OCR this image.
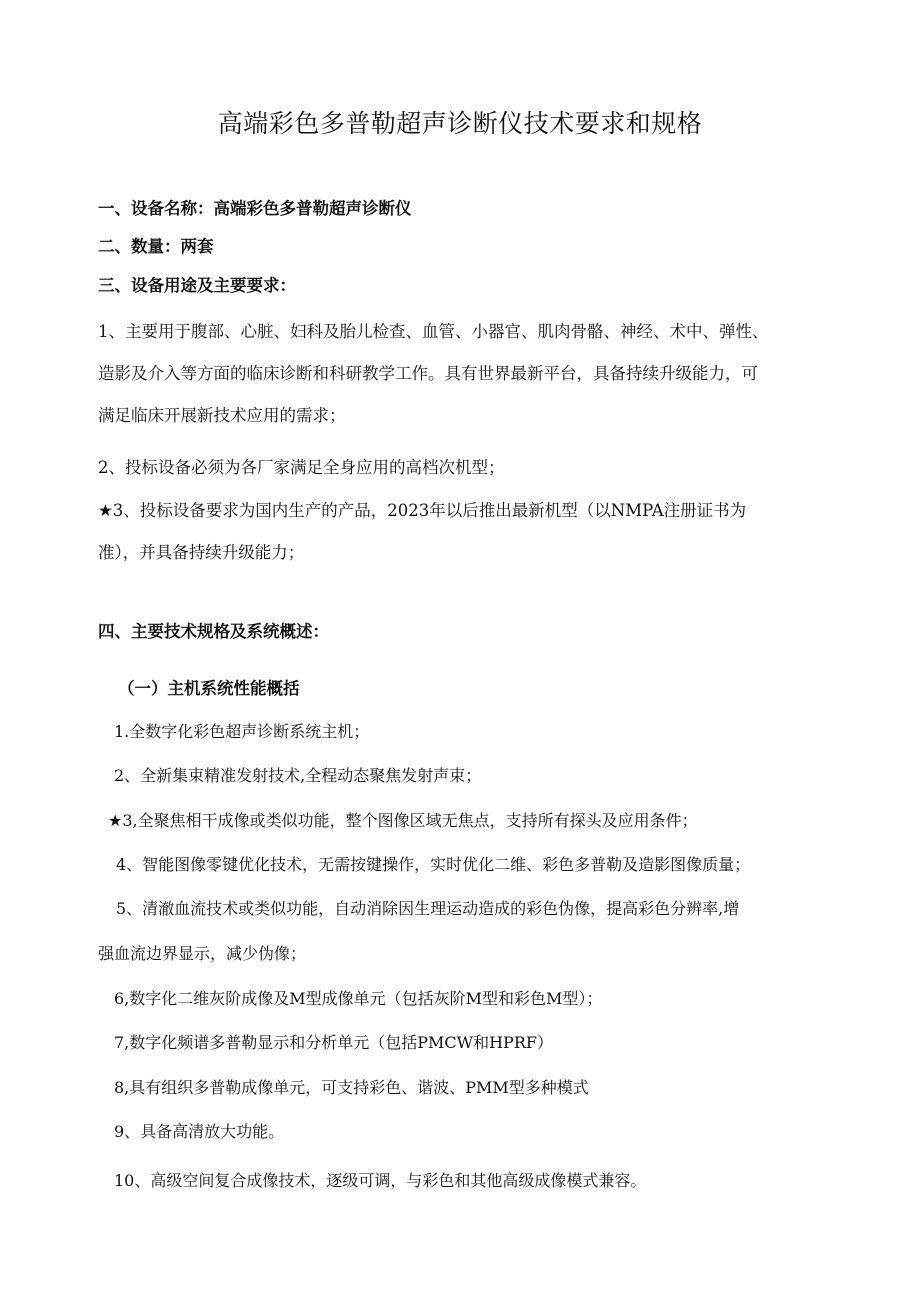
高端彩色多普勒超声诊断仪技术要求和规格
一、设备名称：高端彩色多普勒超声诊断仪
二、数量：两套
三、设备用途及主要要求：
1、主要用于腹部、心脏、妇科及胎儿检查、血管、小器官、肌肉骨骼、神经、术中、弹性、
造影及介入等方面的临床诊断和科研教学工作。具有世界最新平台，具备持续升级能力，可
满足临床开展新技术应用的需求；
2、投标设备必须为各厂家满足全身应用的高档次机型；
★3、投标设备要求为国内生产的产品，2023年以后推出最新机型（以NMPA注册证书为
准），并具备持续升级能力；
四、主要技术规格及系统概述：
（一）主机系统性能概括
1.全数字化彩色超声诊断系统主机；
2、全新集束精准发射技术,全程动态聚焦发射声束；
★3,全聚焦相干成像或类似功能，整个图像区域无焦点，支持所有探头及应用条件；
4、智能图像零键优化技术，无需按键操作，实时优化二维、彩色多普勒及造影图像质量；
5、清澈血流技术或类似功能，自动消除因生理运动造成的彩色伪像，提高彩色分辨率,增
强血流边界显示，减少伪像；
6,数字化二维灰阶成像及M型成像单元（包括灰阶M型和彩色M型）；
7,数字化频谱多普勒显示和分析单元（包括PMCW和HPRF）
8,具有组织多普勒成像单元，可支持彩色、谐波、PMM型多种模式
9、具备高清放大功能。
10、高级空间复合成像技术，逐级可调，与彩色和其他高级成像模式兼容。
